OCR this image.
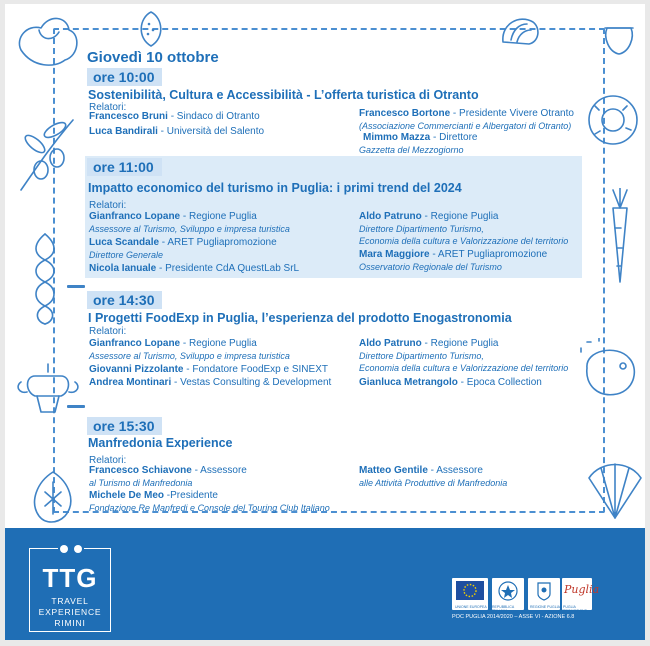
Giovedì 10 ottobre
ore 10:00
Sostenibilità, Cultura e Accessibilità - L’offerta turistica di Otranto
Relatori:
Francesco Bruni - Sindaco di Otranto
Luca Bandirali - Università del Salento
Francesco Bortone - Presidente Vivere Otranto
(Associazione Commercianti e Albergatori di Otranto)
Mimmo Mazza - Direttore
Gazzetta del Mezzogiorno
ore 11:00
Impatto economico del turismo in Puglia: i primi trend del 2024
Relatori:
Gianfranco Lopane - Regione Puglia
Assessore al Turismo, Sviluppo e impresa turistica
Luca Scandale - ARET Pugliapromozione
Direttore Generale
Nicola Ianuale - Presidente CdA QuestLab SrL
Aldo Patruno - Regione Puglia
Direttore Dipartimento Turismo,
Economia della cultura e Valorizzazione del territorio
Mara Maggiore - ARET Pugliapromozione
Osservatorio Regionale del Turismo
ore 14:30
I Progetti FoodExp in Puglia, l’esperienza del prodotto Enogastronomia
Relatori:
Gianfranco Lopane - Regione Puglia
Assessore al Turismo, Sviluppo e impresa turistica
Giovanni Pizzolante - Fondatore FoodExp e SINEXT
Andrea Montinari - Vestas Consulting & Development
Aldo Patruno - Regione Puglia
Direttore Dipartimento Turismo,
Economia della cultura e Valorizzazione del territorio
Gianluca Metrangolo - Epoca Collection
ore 15:30
Manfredonia Experience
Relatori:
Francesco Schiavone - Assessore
al Turismo di Manfredonia
Michele De Meo -Presidente
Fondazione Re Manfredi e Console del Touring Club Italiano
Matteo Gentile - Assessore
alle Attività Produttive di Manfredonia
TTG
TRAVEL
EXPERIENCE
RIMINI
UNIONE EUROPEA REPUBBLICA ITALIANA
REGIONE PUGLIA
Puglia
PUGLIA PROMOZIONE
POC PUGLIA 2014/2020 – ASSE VI - AZIONE 6.8
